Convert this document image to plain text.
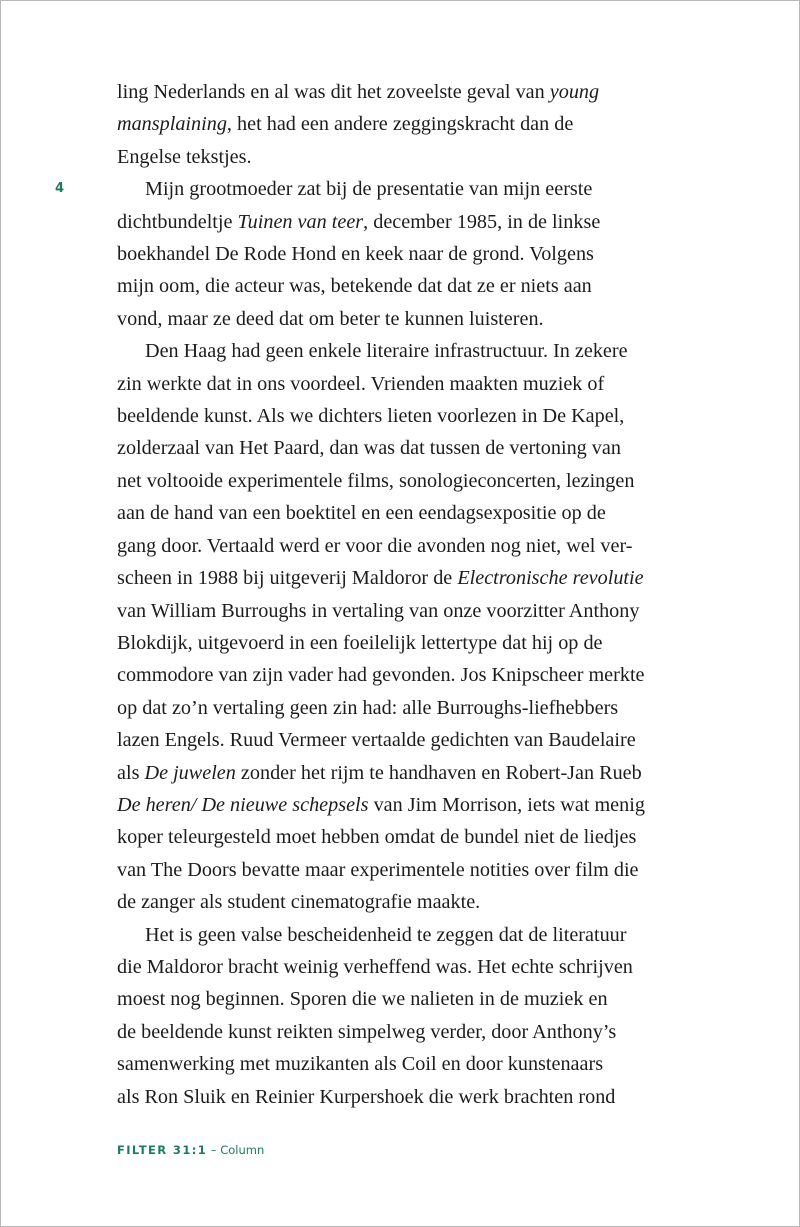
4
ling Nederlands en al was dit het zoveelste geval van young
mansplaining, het had een andere zeggingskracht dan de
Engelse tekstjes.
Mijn grootmoeder zat bij de presentatie van mijn eerste
dichtbundeltje Tuinen van teer, december 1985, in de linkse
boekhandel De Rode Hond en keek naar de grond. Volgens
mijn oom, die acteur was, betekende dat dat ze er niets aan
vond, maar ze deed dat om beter te kunnen luisteren.
Den Haag had geen enkele literaire infrastructuur. In zekere
zin werkte dat in ons voordeel. Vrienden maakten muziek of
beeldende kunst. Als we dichters lieten voorlezen in De Kapel,
zolderzaal van Het Paard, dan was dat tussen de vertoning van
net voltooide experimentele films, sonologieconcerten, lezingen
aan de hand van een boektitel en een eendagsexpositie op de
gang door. Vertaald werd er voor die avonden nog niet, wel ver-
scheen in 1988 bij uitgeverij Maldoror de Electronische revolutie
van William Burroughs in vertaling van onze voorzitter Anthony
Blokdijk, uitgevoerd in een foeilelijk lettertype dat hij op de
commodore van zijn vader had gevonden. Jos Knipscheer merkte
op dat zo’n vertaling geen zin had: alle Burroughs-liefhebbers
lazen Engels. Ruud Vermeer vertaalde gedichten van Baudelaire
als De juwelen zonder het rijm te handhaven en Robert-Jan Rueb
De heren/ De nieuwe schepsels van Jim Morrison, iets wat menig
koper teleurgesteld moet hebben omdat de bundel niet de liedjes
van The Doors bevatte maar experimentele notities over film die
de zanger als student cinematografie maakte.
Het is geen valse bescheidenheid te zeggen dat de literatuur
die Maldoror bracht weinig verheffend was. Het echte schrijven
moest nog beginnen. Sporen die we nalieten in de muziek en
de beeldende kunst reikten simpelweg verder, door Anthony’s
samenwerking met muzikanten als Coil en door kunstenaars
als Ron Sluik en Reinier Kurpershoek die werk brachten rond
FILTER 31:1 – Column
